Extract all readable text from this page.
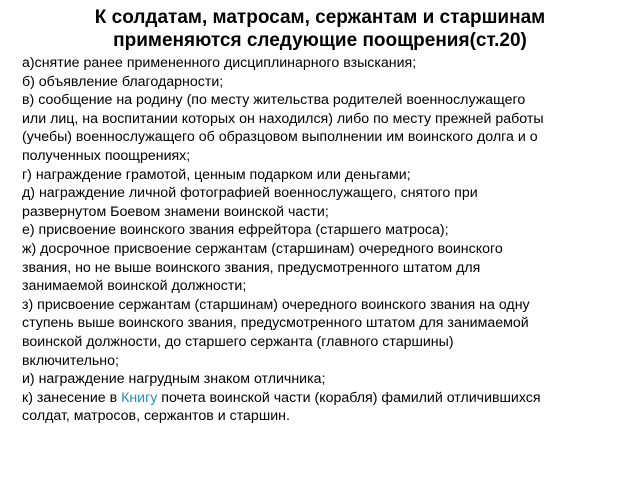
К солдатам, матросам, сержантам и старшинам
применяются следующие поощрения(ст.20)
а)снятие ранее примененного дисциплинарного взыскания;
б) объявление благодарности;
в) сообщение на родину (по месту жительства родителей военнослужащего
или лиц, на воспитании которых он находился) либо по месту прежней работы
(учебы) военнослужащего об образцовом выполнении им воинского долга и о
полученных поощрениях;
г) награждение грамотой, ценным подарком или деньгами;
д) награждение личной фотографией военнослужащего, снятого при
развернутом Боевом знамени воинской части;
е) присвоение воинского звания ефрейтора (старшего матроса);
ж) досрочное присвоение сержантам (старшинам) очередного воинского
звания, но не выше воинского звания, предусмотренного штатом для
занимаемой воинской должности;
з) присвоение сержантам (старшинам) очередного воинского звания на одну
ступень выше воинского звания, предусмотренного штатом для занимаемой
воинской должности, до старшего сержанта (главного старшины)
включительно;
и) награждение нагрудным знаком отличника;
к) занесение в Книгу почета воинской части (корабля) фамилий отличившихся
солдат, матросов, сержантов и старшин.
